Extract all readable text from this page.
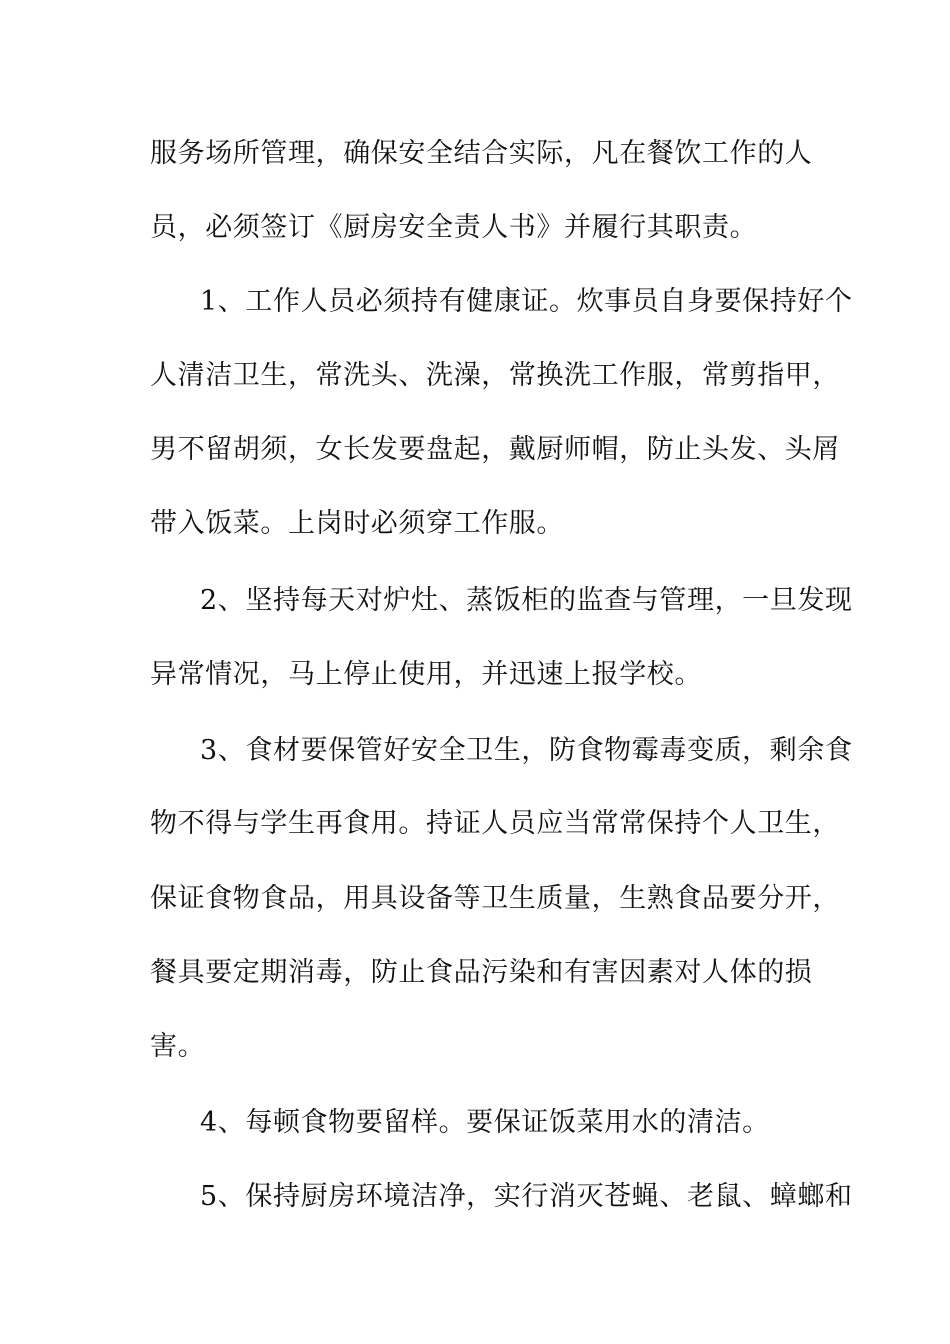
服务场所管理，确保安全结合实际，凡在餐饮工作的人
员，必须签订《厨房安全责人书》并履行其职责。
1、工作人员必须持有健康证。炊事员自身要保持好个
人清洁卫生，常洗头、洗澡，常换洗工作服，常剪指甲，
男不留胡须，女长发要盘起，戴厨师帽，防止头发、头屑
带入饭菜。上岗时必须穿工作服。
2、坚持每天对炉灶、蒸饭柜的监查与管理，一旦发现
异常情况，马上停止使用，并迅速上报学校。
3、食材要保管好安全卫生，防食物霉毒变质，剩余食
物不得与学生再食用。持证人员应当常常保持个人卫生，
保证食物食品，用具设备等卫生质量，生熟食品要分开，
餐具要定期消毒，防止食品污染和有害因素对人体的损
害。
4、每顿食物要留样。要保证饭菜用水的清洁。
5、保持厨房环境洁净，实行消灭苍蝇、老鼠、蟑螂和
